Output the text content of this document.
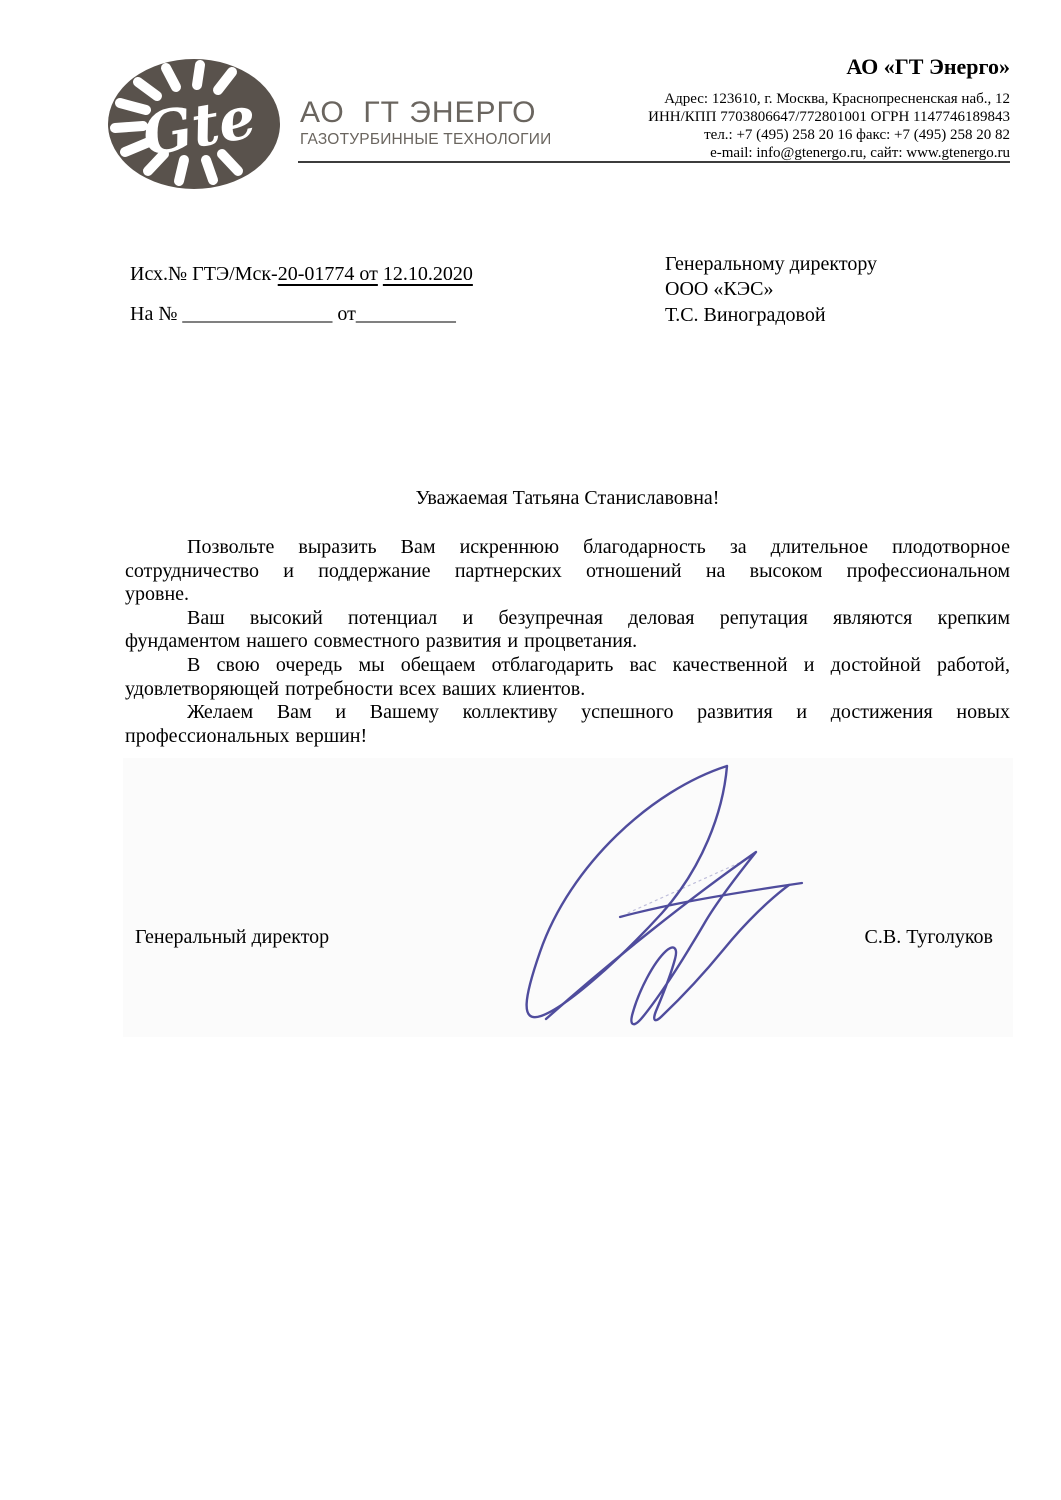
Gte АО  ГТ ЭНЕРГО
ГАЗОТУРБИННЫЕ ТЕХНОЛОГИИ
АО «ГТ Энерго»
Адрес: 123610, г. Москва, Краснопресненская наб., 12
ИНН/КПП 7703806647/772801001 ОГРН 1147746189843
тел.: +7 (495) 258 20 16 факс: +7 (495) 258 20 82
e-mail: info@gtenergo.ru, сайт: www.gtenergo.ru
Исх.№ ГТЭ/Мск-20-01774 от 12.10.2020
На № _______________ от__________
Генеральному директору
ООО «КЭС»
Т.С. Виноградовой
Уважаемая Татьяна Станиславовна!
Позвольте выразить Вам искреннюю благодарность за длительное плодотворное
сотрудничество и поддержание партнерских отношений на высоком профессиональном
уровне.
Ваш высокий потенциал и безупречная деловая репутация являются крепким
фундаментом нашего совместного развития и процветания.
В свою очередь мы обещаем отблагодарить вас качественной и достойной работой,
удовлетворяющей потребности всех ваших клиентов.
Желаем Вам и Вашему коллективу успешного развития и достижения новых
профессиональных вершин!
Генеральный директор	С.В. Туголуков
